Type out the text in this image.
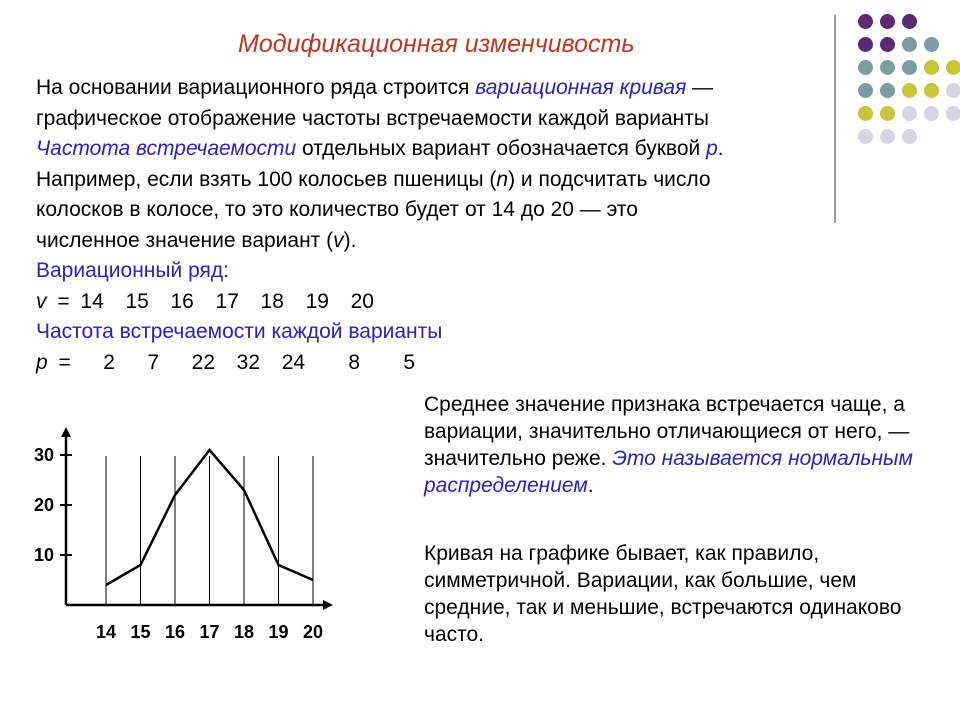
Модификационная изменчивость
На основании вариационного ряда строится вариационная кривая —
графическое отображение частоты встречаемости каждой варианты
Частота встречаемости отдельных вариант обозначается буквой р.
Например, если взять 100 колосьев пшеницы (n) и подсчитать число
колосков в колосе, то это количество будет от 14 до 20 — это
численное значение вариант (v).
Вариационный ряд:
v = 14  15  16  17  18  19  20
Частота встречаемости каждой варианты
р =   2   7   22  32  24    8    5
Среднее значение признака встречается чаще, а вариации, значительно отличающиеся от него, — значительно реже. Это называется нормальным распределением.
Кривая на графике бывает, как правило, симметричной. Вариации, как большие, чем средние, так и меньшие, встречаются одинаково часто.
10
20
30
14 15 16 17 18 19 20
